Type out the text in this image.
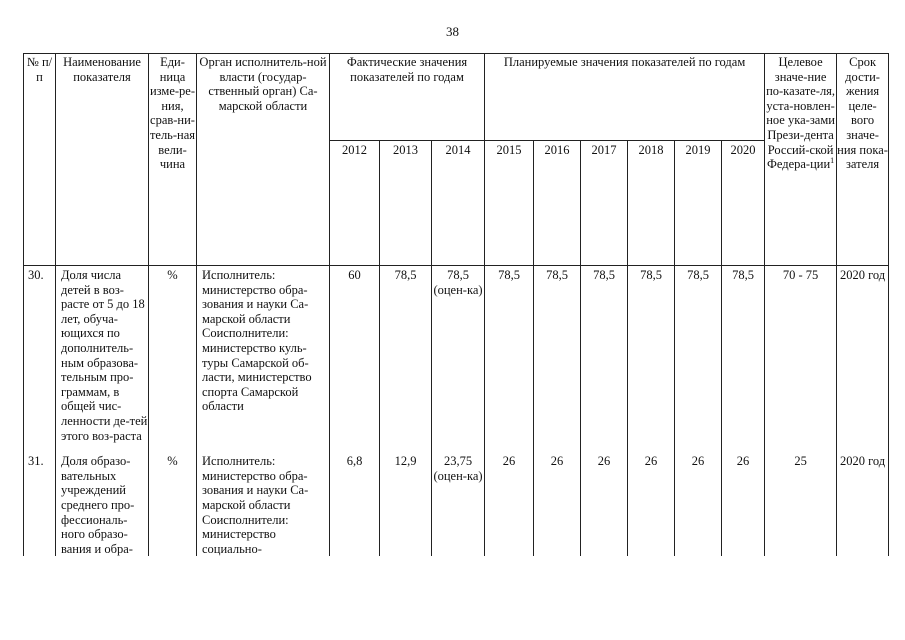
38
№ п/п	Наименование показателя	Еди-ница изме-ре-ния, срав-ни-тель-ная вели-чина	Орган исполнитель-ной власти (государ-ственный орган) Са-марской области	Фактические значения показателей по годам			Планируемые значения показателей по годам						Целевое значе-ние по-казате-ля, уста-новлен-ное ука-зами Прези-дента Россий-ской Федера-ции$^1$	Срок дости-жения целе-вого значе-ния пока-зателя
				2012	2013	2014	2015	2016	2017	2018	2019	2020		
30.	Доля числа детей в воз-расте от 5 до 18 лет, обуча-ющихся по дополнитель-ным образова-тельным про-граммам, в общей чис-ленности де-тей этого воз-раста	%	Исполнитель: министерство обра-зования и науки Са-марской области Соисполнители: министерство куль-туры Самарской об-ласти, министерство спорта Самарской области	60	78,5	78,5 (оцен-ка)	78,5	78,5	78,5	78,5	78,5	78,5	70 - 75	2020 год

31.	Доля образо-вательных учреждений среднего про-фессиональ-ного образо-вания и обра-	%	Исполнитель: министерство обра-зования и науки Са-марской области Соисполнители: министерство социально-	6,8	12,9	23,75 (оцен-ка)	26	26	26	26	26	26	25	2020 год
